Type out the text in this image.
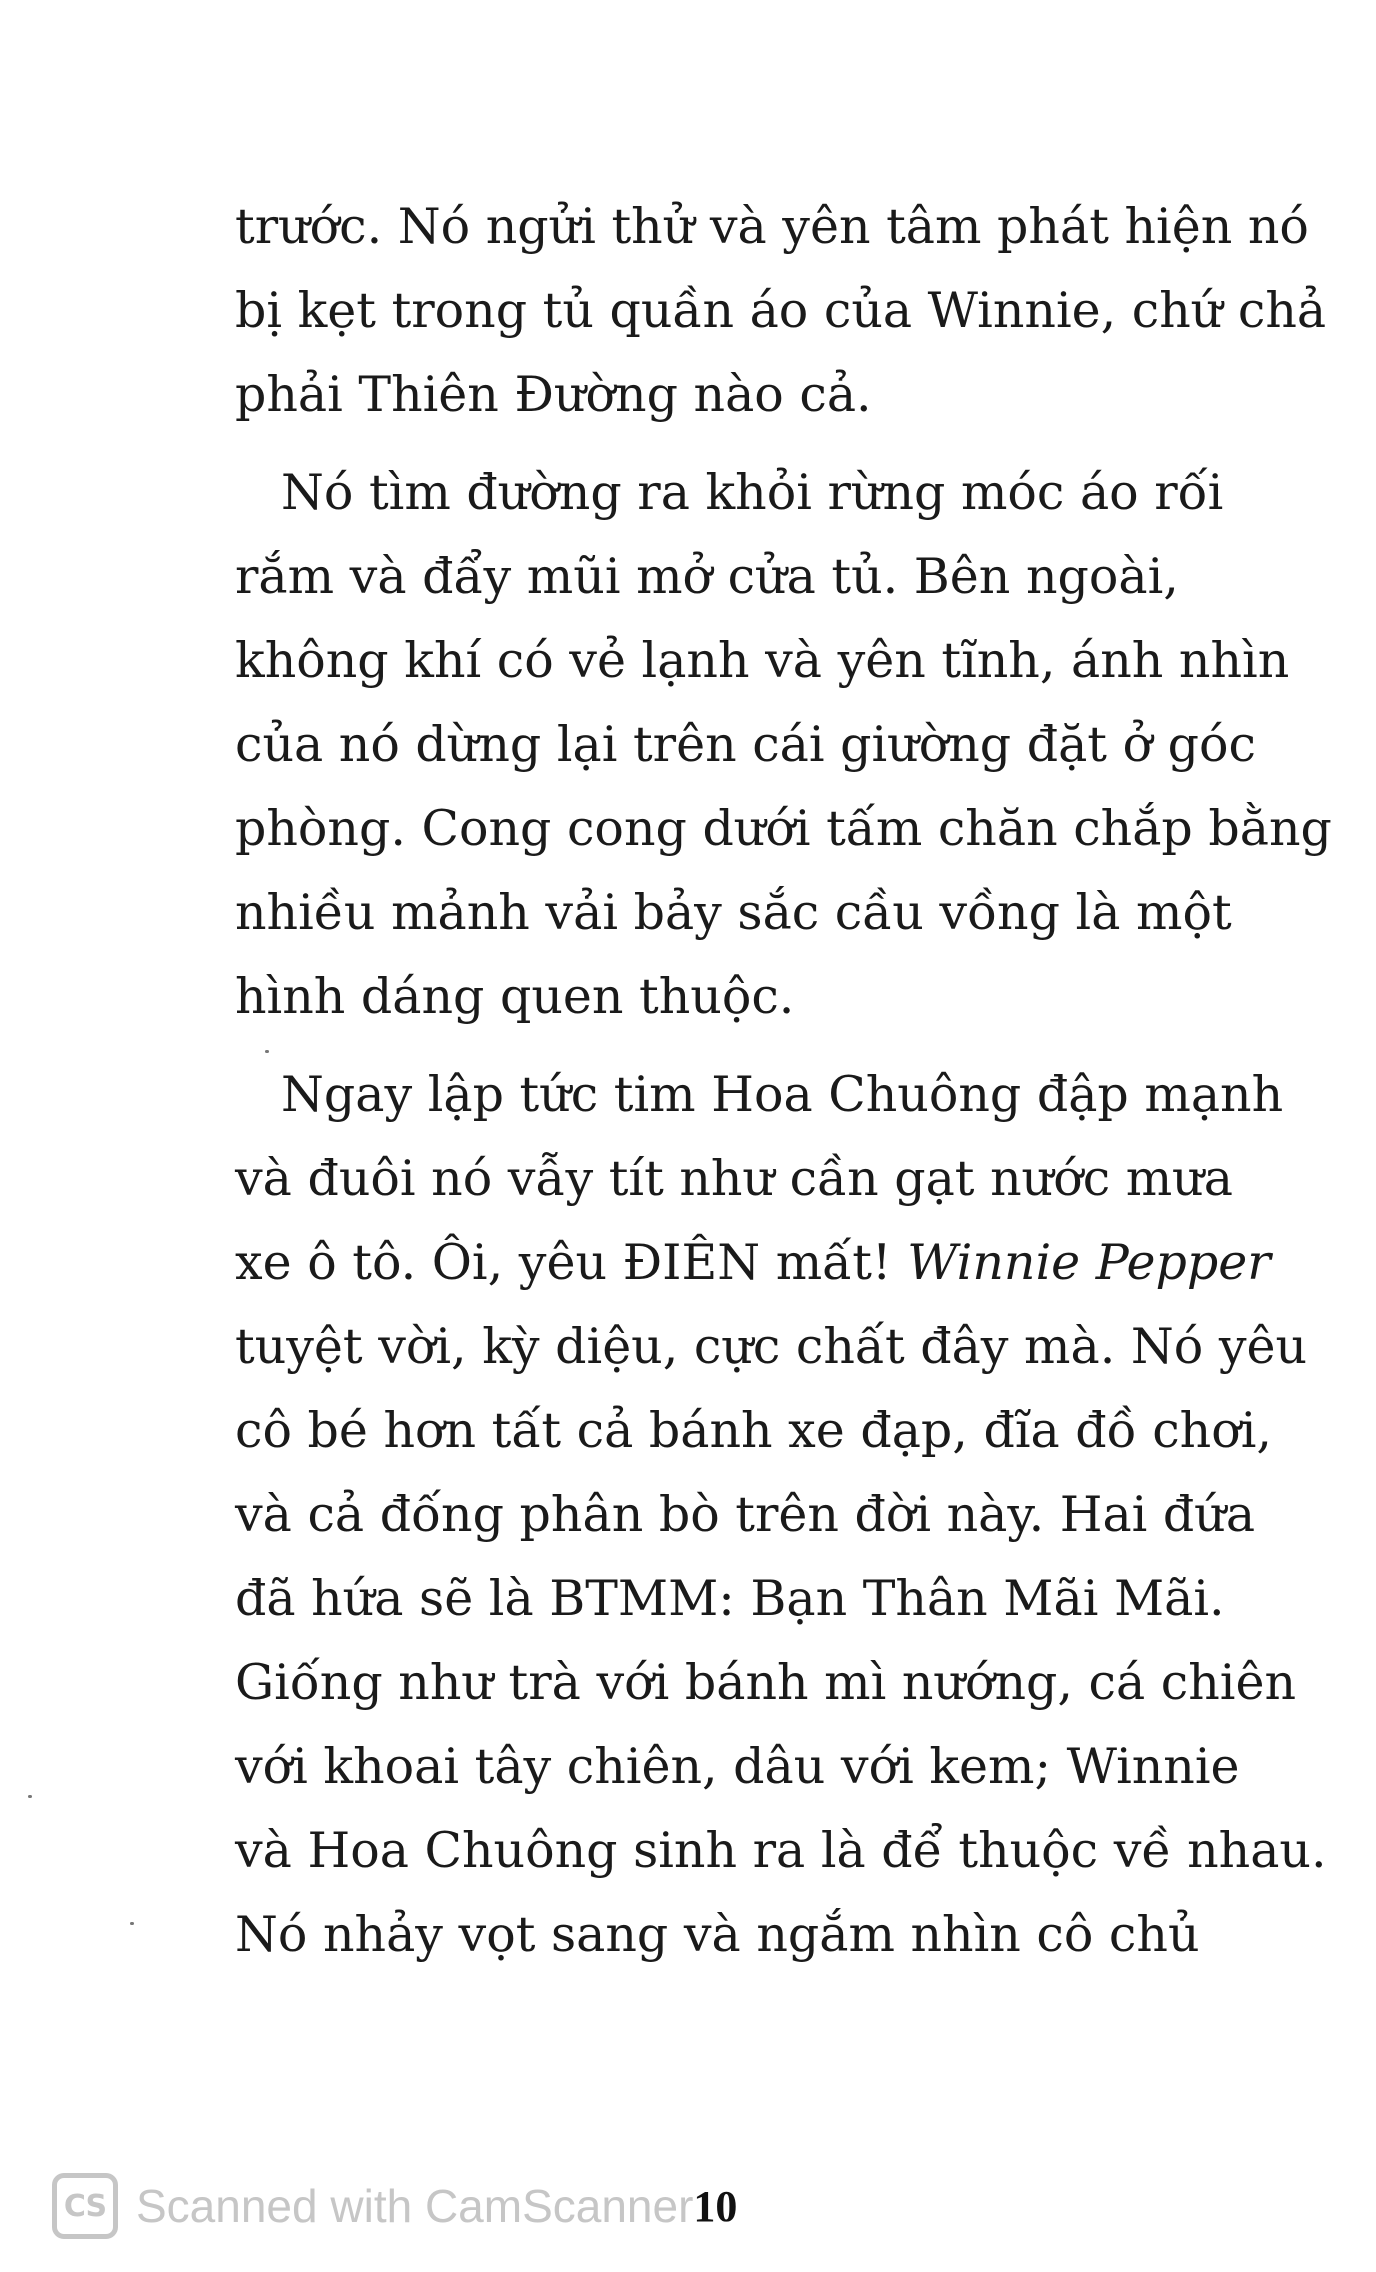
trước. Nó ngửi thử và yên tâm phát hiện nó
bị kẹt trong tủ quần áo của Winnie, chứ chả
phải Thiên Đường nào cả.
Nó tìm đường ra khỏi rừng móc áo rối
rắm và đẩy mũi mở cửa tủ. Bên ngoài,
không khí có vẻ lạnh và yên tĩnh, ánh nhìn
của nó dừng lại trên cái giường đặt ở góc
phòng. Cong cong dưới tấm chăn chắp bằng
nhiều mảnh vải bảy sắc cầu vồng là một
hình dáng quen thuộc.
Ngay lập tức tim Hoa Chuông đập mạnh
và đuôi nó vẫy tít như cần gạt nước mưa
xe ô tô. Ôi, yêu ĐIÊN mất! Winnie Pepper
tuyệt vời, kỳ diệu, cực chất đây mà. Nó yêu
cô bé hơn tất cả bánh xe đạp, đĩa đồ chơi,
và cả đống phân bò trên đời này. Hai đứa
đã hứa sẽ là BTMM: Bạn Thân Mãi Mãi.
Giống như trà với bánh mì nướng, cá chiên
với khoai tây chiên, dâu với kem; Winnie
và Hoa Chuông sinh ra là để thuộc về nhau.
Nó nhảy vọt sang và ngắm nhìn cô chủ
CS Scanned with CamScanner 10
